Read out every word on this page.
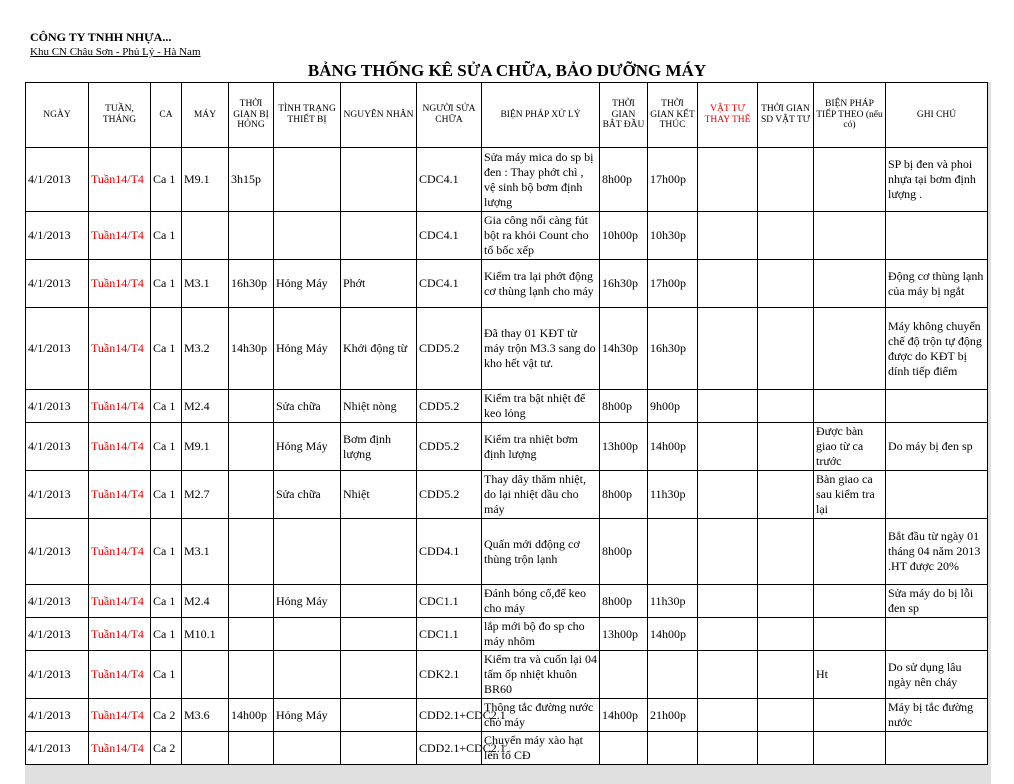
CÔNG TY TNHH NHỰA...
Khu CN Châu Sơn - Phủ Lý - Hà Nam
BẢNG THỐNG KÊ SỬA CHỮA, BẢO DƯỠNG MÁY
NGÀY	TUẦN, THÁNG	CA	MÁY	THỜI GIAN BỊ HỎNG	TÌNH TRẠNG THIẾT BỊ	NGUYÊN NHÂN	NGƯỜI SỬA CHỮA	BIỆN PHÁP XỬ LÝ	THỜI GIAN BẮT ĐẦU	THỜI GIAN KẾT THÚC	VẬT TƯ THAY THẾ	THỜI GIAN SD VẬT TƯ	BIỆN PHÁP TIẾP THEO (nếu có)	GHI CHÚ
4/1/2013	Tuần14/T4	Ca 1	M9.1	3h15p			CDC4.1	Sửa máy mica do sp bị đen : Thay phớt chì , vệ sinh bộ bơm định lượng	8h00p	17h00p				SP bị đen và phoi nhựa tại bơm định lượng .
4/1/2013	Tuần14/T4	Ca 1					CDC4.1	Gia công nối càng fút bột ra khỏi Count cho tổ bốc xếp	10h00p	10h30p				
4/1/2013	Tuần14/T4	Ca 1	M3.1	16h30p	Hỏng Máy	Phớt	CDC4.1	Kiểm tra lại phớt động cơ thùng lạnh cho máy	16h30p	17h00p				Động cơ thùng lạnh của máy bị ngắt
4/1/2013	Tuần14/T4	Ca 1	M3.2	14h30p	Hỏng Máy	Khởi động từ	CDD5.2	Đã thay 01 KĐT từ máy trộn M3.3 sang do kho hết vật tư.	14h30p	16h30p				Máy không chuyển chế độ trộn tự động được do KĐT bị dính tiếp điểm
4/1/2013	Tuần14/T4	Ca 1	M2.4		Sửa chữa	Nhiệt nòng	CDD5.2	Kiểm tra bật nhiệt để keo lỏng	8h00p	9h00p				
4/1/2013	Tuần14/T4	Ca 1	M9.1		Hỏng Máy	Bơm định lượng	CDD5.2	Kiểm tra nhiệt bơm định lượng	13h00p	14h00p			Được bàn giao từ ca trước	Do máy bị đen sp
4/1/2013	Tuần14/T4	Ca 1	M2.7		Sửa chữa	Nhiệt	CDD5.2	Thay dây thăm nhiệt, do lại nhiệt dầu cho máy	8h00p	11h30p			Bàn giao ca sau kiểm tra lại	
4/1/2013	Tuần14/T4	Ca 1	M3.1				CDD4.1	Quấn mới dđộng cơ thùng trộn lạnh	8h00p					Bắt đầu từ ngày 01 tháng 04 năm 2013 .HT được 20%
4/1/2013	Tuần14/T4	Ca 1	M2.4		Hỏng Máy		CDC1.1	Đánh bóng cổ,để keo cho máy	8h00p	11h30p				Sửa máy do bị lỗi đen sp
4/1/2013	Tuần14/T4	Ca 1	M10.1				CDC1.1	lắp mới bộ đo sp cho máy nhôm	13h00p	14h00p				
4/1/2013	Tuần14/T4	Ca 1					CDK2.1	Kiểm tra và cuốn lại 04 tấm ốp nhiệt khuôn BR60					Ht	Do sử dụng lâu ngày nên cháy
4/1/2013	Tuần14/T4	Ca 2	M3.6	14h00p	Hỏng Máy		CDD2.1+CDC2.1	Thông tắc đường nước cho máy	14h00p	21h00p				Máy bị tắc đường nước
4/1/2013	Tuần14/T4	Ca 2					CDD2.1+CDC2.1	Chuyển máy xào hạt lên tổ CĐ						
